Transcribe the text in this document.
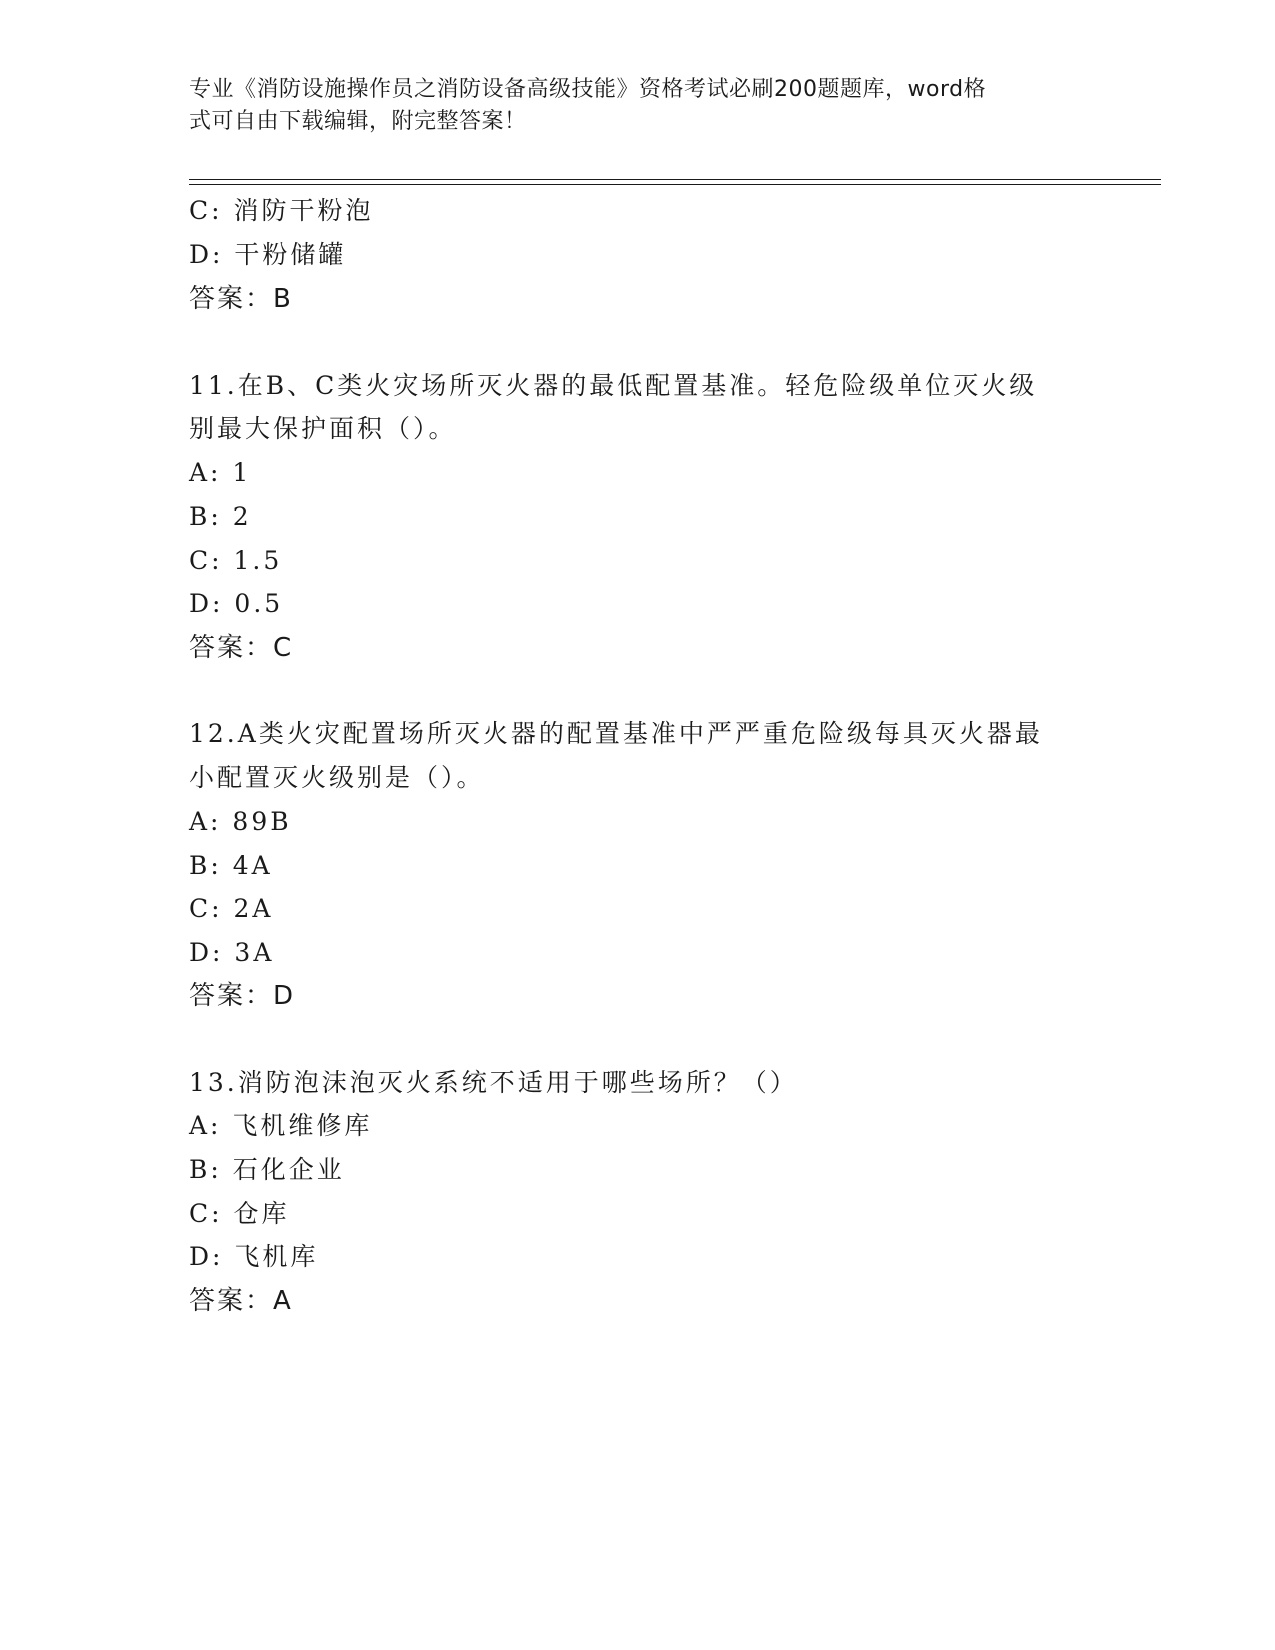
专业《消防设施操作员之消防设备高级技能》资格考试必刷200题题库，word格
式可自由下载编辑，附完整答案！
C: 消防干粉泡
D: 干粉储罐
答案：B
11.在B、C类火灾场所灭火器的最低配置基准。轻危险级单位灭火级
别最大保护面积（）。
A: 1
B: 2
C: 1.5
D: 0.5
答案：C
12.A类火灾配置场所灭火器的配置基准中严严重危险级每具灭火器最
小配置灭火级别是（）。
A: 89B
B: 4A
C: 2A
D: 3A
答案：D
13.消防泡沫泡灭火系统不适用于哪些场所？（）
A: 飞机维修库
B: 石化企业
C: 仓库
D: 飞机库
答案：A
